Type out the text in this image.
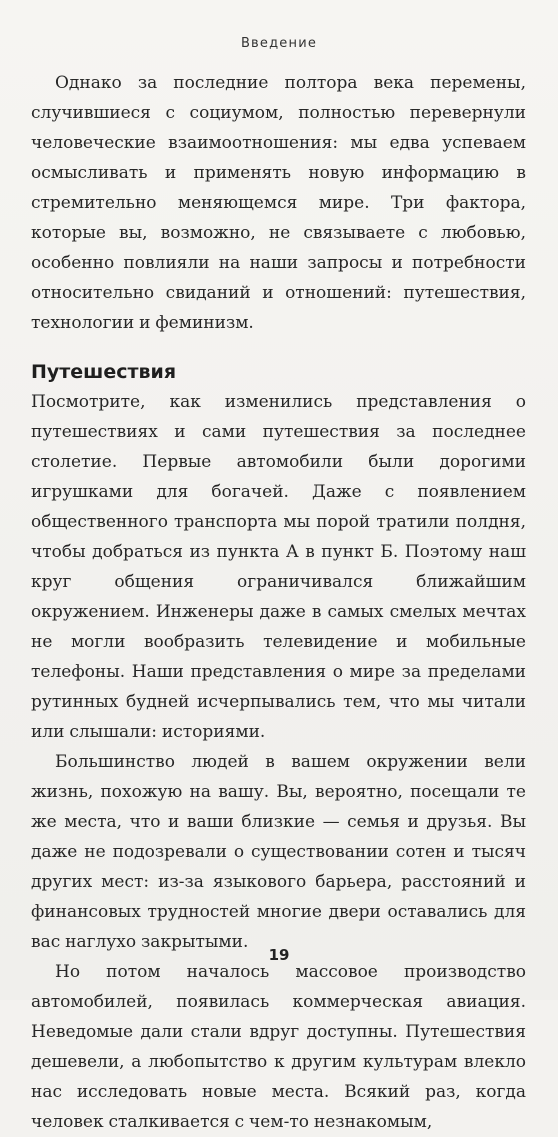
Введение

Однако за последние полтора века перемены, случившиеся с социумом, полностью перевернули человеческие взаимоотношения: мы едва успеваем осмысливать и применять новую информацию в стремительно меняющемся мире. Три фактора, которые вы, возможно, не связываете с любовью, особенно повлияли на наши запросы и потребности относительно свиданий и отношений: путешествия, технологии и феминизм.

Путешествия

Посмотрите, как изменились представления о путешествиях и сами путешествия за последнее столетие. Первые автомобили были дорогими игрушками для богачей. Даже с появлением общественного транспорта мы порой тратили полдня, чтобы добраться из пункта А в пункт Б. Поэтому наш круг общения ограничивался ближайшим окружением. Инженеры даже в самых смелых мечтах не могли вообразить телевидение и мобильные телефоны. Наши представления о мире за пределами рутинных будней исчерпывались тем, что мы читали или слышали: историями.

Большинство людей в вашем окружении вели жизнь, похожую на вашу. Вы, вероятно, посещали те же места, что и ваши близкие — семья и друзья. Вы даже не подозревали о существовании сотен и тысяч других мест: из-за языкового барьера, расстояний и финансовых трудностей многие двери оставались для вас наглухо закрытыми.

Но потом началось массовое производство автомобилей, появилась коммерческая авиация. Неведомые дали стали вдруг доступны. Путешествия дешевели, а любопытство к другим культурам влекло нас исследовать новые места. Всякий раз, когда человек сталкивается с чем-то незнакомым,

19
